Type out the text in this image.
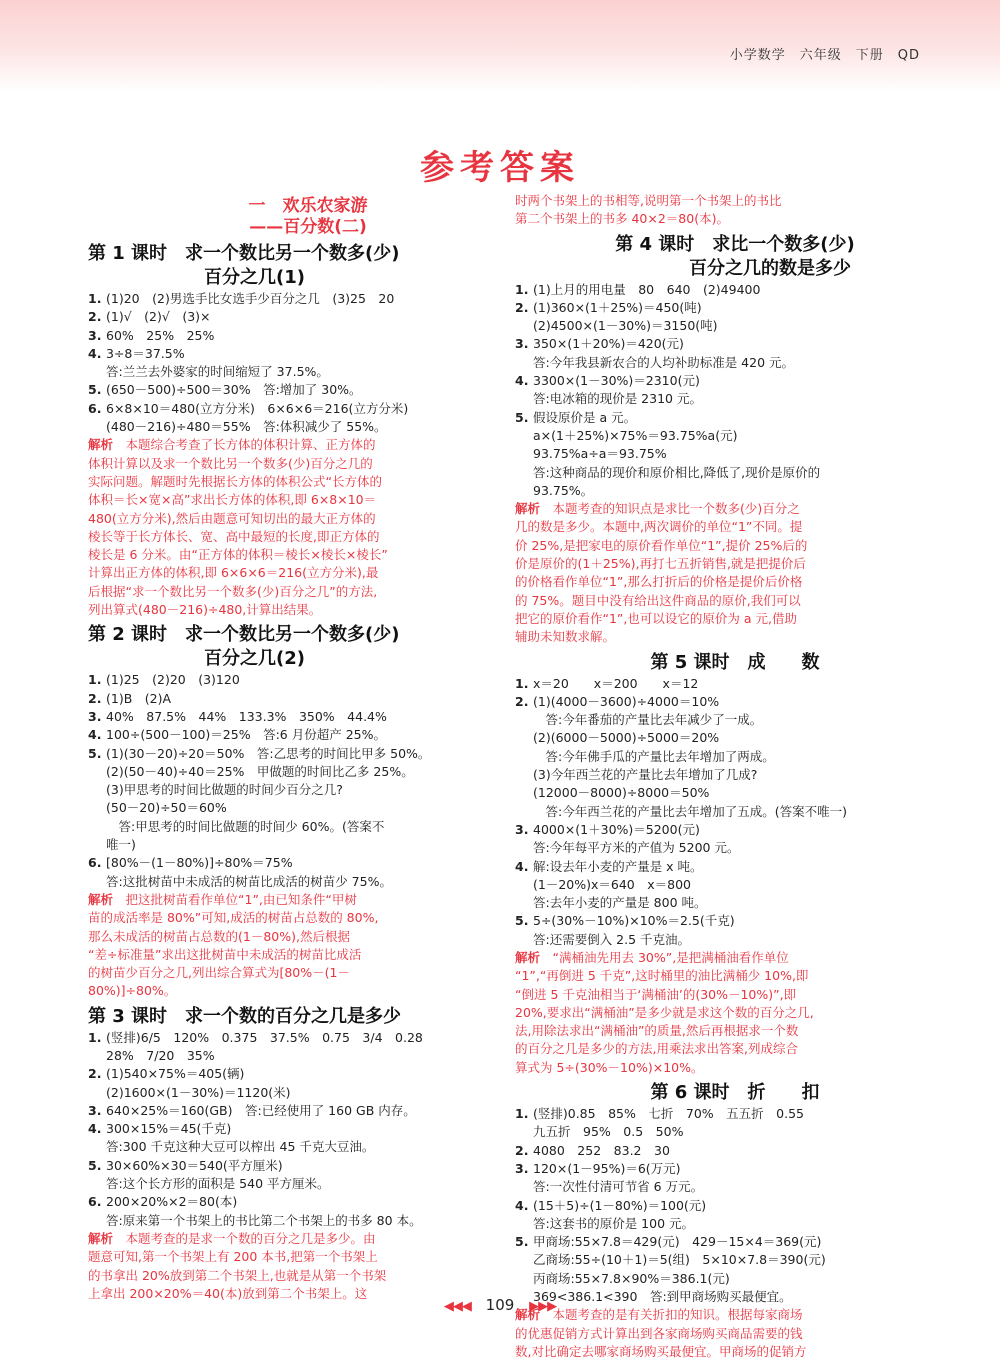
小学数学　六年级　下册　QD
参考答案
一　欢乐农家游
——百分数(二)
第 1 课时　求一个数比另一个数多(少)
百分之几(1)
1. (1)20　(2)男选手比女选手少百分之几　(3)25　20
2. (1)√　(2)√　(3)×
3. 60%　25%　25%
4. 3÷8＝37.5%
答:兰兰去外婆家的时间缩短了 37.5%。
5. (650－500)÷500＝30%　答:增加了 30%。
6. 6×8×10＝480(立方分米)　6×6×6＝216(立方分米)
(480－216)÷480＝55%　答:体积减少了 55%。
解析　本题综合考查了长方体的体积计算、正方体的
体积计算以及求一个数比另一个数多(少)百分之几的
实际问题。解题时先根据长方体的体积公式“长方体的
体积＝长×宽×高”求出长方体的体积,即 6×8×10＝
480(立方分米),然后由题意可知切出的最大正方体的
棱长等于长方体长、宽、高中最短的长度,即正方体的
棱长是 6 分米。由“正方体的体积＝棱长×棱长×棱长”
计算出正方体的体积,即 6×6×6＝216(立方分米),最
后根据“求一个数比另一个数多(少)百分之几”的方法,
列出算式(480－216)÷480,计算出结果。
第 2 课时　求一个数比另一个数多(少)
百分之几(2)
1. (1)25　(2)20　(3)120
2. (1)B　(2)A
3. 40%　87.5%　44%　133.3%　350%　44.4%
4. 100÷(500－100)＝25%　答:6 月份超产 25%。
5. (1)(30－20)÷20＝50%　答:乙思考的时间比甲多 50%。
(2)(50－40)÷40＝25%　甲做题的时间比乙多 25%。
(3)甲思考的时间比做题的时间少百分之几?
(50－20)÷50＝60%
　答:甲思考的时间比做题的时间少 60%。(答案不
唯一)
6. [80%－(1－80%)]÷80%＝75%
答:这批树苗中未成活的树苗比成活的树苗少 75%。
解析　把这批树苗看作单位“1”,由已知条件“甲树
苗的成活率是 80%”可知,成活的树苗占总数的 80%,
那么未成活的树苗占总数的(1－80%),然后根据
“差÷标准量”求出这批树苗中未成活的树苗比成活
的树苗少百分之几,列出综合算式为[80%－(1－
80%)]÷80%。
第 3 课时　求一个数的百分之几是多少
1. (竖排)6/5　120%　0.375　37.5%　0.75　3/4　0.28
28%　7/20　35%
2. (1)540×75%＝405(辆)
(2)1600×(1－30%)＝1120(米)
3. 640×25%＝160(GB)　答:已经使用了 160 GB 内存。
4. 300×15%＝45(千克)
答:300 千克这种大豆可以榨出 45 千克大豆油。
5. 30×60%×30＝540(平方厘米)
答:这个长方形的面积是 540 平方厘米。
6. 200×20%×2＝80(本)
答:原来第一个书架上的书比第二个书架上的书多 80 本。
解析　本题考查的是求一个数的百分之几是多少。由
题意可知,第一个书架上有 200 本书,把第一个书架上
的书拿出 20%放到第二个书架上,也就是从第一个书架
上拿出 200×20%＝40(本)放到第二个书架上。这
时两个书架上的书相等,说明第一个书架上的书比
第二个书架上的书多 40×2＝80(本)。
第 4 课时　求比一个数多(少)
百分之几的数是多少
1. (1)上月的用电量　80　640　(2)49400
2. (1)360×(1＋25%)＝450(吨)
(2)4500×(1－30%)＝3150(吨)
3. 350×(1＋20%)＝420(元)
答:今年我县新农合的人均补助标准是 420 元。
4. 3300×(1－30%)＝2310(元)
答:电冰箱的现价是 2310 元。
5. 假设原价是 a 元。
a×(1＋25%)×75%＝93.75%a(元)
93.75%a÷a＝93.75%
答:这种商品的现价和原价相比,降低了,现价是原价的
93.75%。
解析　本题考查的知识点是求比一个数多(少)百分之
几的数是多少。本题中,两次调价的单位“1”不同。提
价 25%,是把家电的原价看作单位“1”,提价 25%后的
价是原价的(1＋25%),再打七五折销售,就是把提价后
的价格看作单位“1”,那么打折后的价格是提价后价格
的 75%。题目中没有给出这件商品的原价,我们可以
把它的原价看作“1”,也可以设它的原价为 a 元,借助
辅助未知数求解。
第 5 课时　成　　数
1. x＝20　　x＝200　　x＝12
2. (1)(4000－3600)÷4000＝10%
　答:今年番茄的产量比去年减少了一成。
(2)(6000－5000)÷5000＝20%
　答:今年佛手瓜的产量比去年增加了两成。
(3)今年西兰花的产量比去年增加了几成?
(12000－8000)÷8000＝50%
　答:今年西兰花的产量比去年增加了五成。(答案不唯一)
3. 4000×(1＋30%)＝5200(元)
答:今年每平方米的产值为 5200 元。
4. 解:设去年小麦的产量是 x 吨。
(1－20%)x＝640　x＝800
答:去年小麦的产量是 800 吨。
5. 5÷(30%－10%)×10%＝2.5(千克)
答:还需要倒入 2.5 千克油。
解析　“满桶油先用去 30%”,是把满桶油看作单位
“1”,“再倒进 5 千克”,这时桶里的油比满桶少 10%,即
“倒进 5 千克油相当于‘满桶油’的(30%－10%)”,即
20%,要求出“满桶油”是多少就是求这个数的百分之几,
法,用除法求出“满桶油”的质量,然后再根据求一个数
的百分之几是多少的方法,用乘法求出答案,列成综合
算式为 5÷(30%－10%)×10%。
第 6 课时　折　　扣
1. (竖排)0.85　85%　七折　70%　五五折　0.55
九五折　95%　0.5　50%
2. 4080　252　83.2　30
3. 120×(1－95%)＝6(万元)
答:一次性付清可节省 6 万元。
4. (15＋5)÷(1－80%)＝100(元)
答:这套书的原价是 100 元。
5. 甲商场:55×7.8＝429(元)　429－15×4＝369(元)
乙商场:55÷(10＋1)＝5(组)　5×10×7.8＝390(元)
丙商场:55×7.8×90%＝386.1(元)
369<386.1<390　答:到甲商场购买最便宜。
解析　本题考查的是有关折扣的知识。根据每家商场
的优惠促销方式计算出到各家商场购买商品需要的钱
数,对比确定去哪家商场购买最便宜。甲商场的促销方
◀◀◀ 109 ▶▶▶
